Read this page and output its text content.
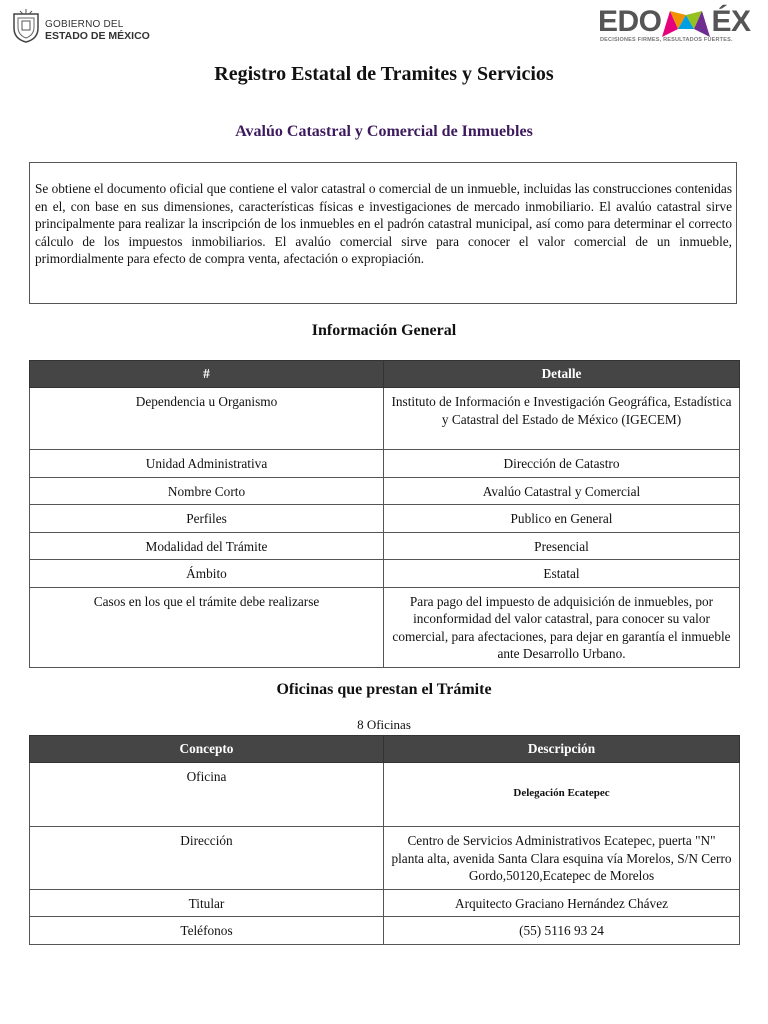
GOBIERNO DEL
ESTADO DE MÉXICO	EDO ÉX
DECISIONES FIRMES, RESULTADOS FUERTES.
Registro Estatal de Tramites y Servicios
Avalúo Catastral y Comercial de Inmuebles
Se obtiene el documento oficial que contiene el valor catastral o comercial de un inmueble, incluidas las construcciones contenidas en el, con base en sus dimensiones, características físicas e investigaciones de mercado inmobiliario. El avalúo catastral sirve principalmente para realizar la inscripción de los inmuebles en el padrón catastral municipal, así como para determinar el correcto cálculo de los impuestos inmobiliarios. El avalúo comercial sirve para conocer el valor comercial de un inmueble, primordialmente para efecto de compra venta, afectación o expropiación.
Información General
#	Detalle
Dependencia u Organismo	Instituto de Información e Investigación Geográfica, Estadística y Catastral del Estado de México (IGECEM)
Unidad Administrativa	Dirección de Catastro
Nombre Corto	Avalúo Catastral y Comercial
Perfiles	Publico en General
Modalidad del Trámite	Presencial
Ámbito	Estatal
Casos en los que el trámite debe realizarse	Para pago del impuesto de adquisición de inmuebles, por inconformidad del valor catastral, para conocer su valor comercial, para afectaciones, para dejar en garantía el inmueble ante Desarrollo Urbano.
Oficinas que prestan el Trámite
8 Oficinas
Concepto	Descripción
Oficina	Delegación Ecatepec
Dirección	Centro de Servicios Administrativos Ecatepec, puerta "N" planta alta, avenida Santa Clara esquina vía Morelos, S/N Cerro Gordo,50120,Ecatepec de Morelos
Titular	Arquitecto Graciano Hernández Chávez
Teléfonos	(55) 5116 93 24
